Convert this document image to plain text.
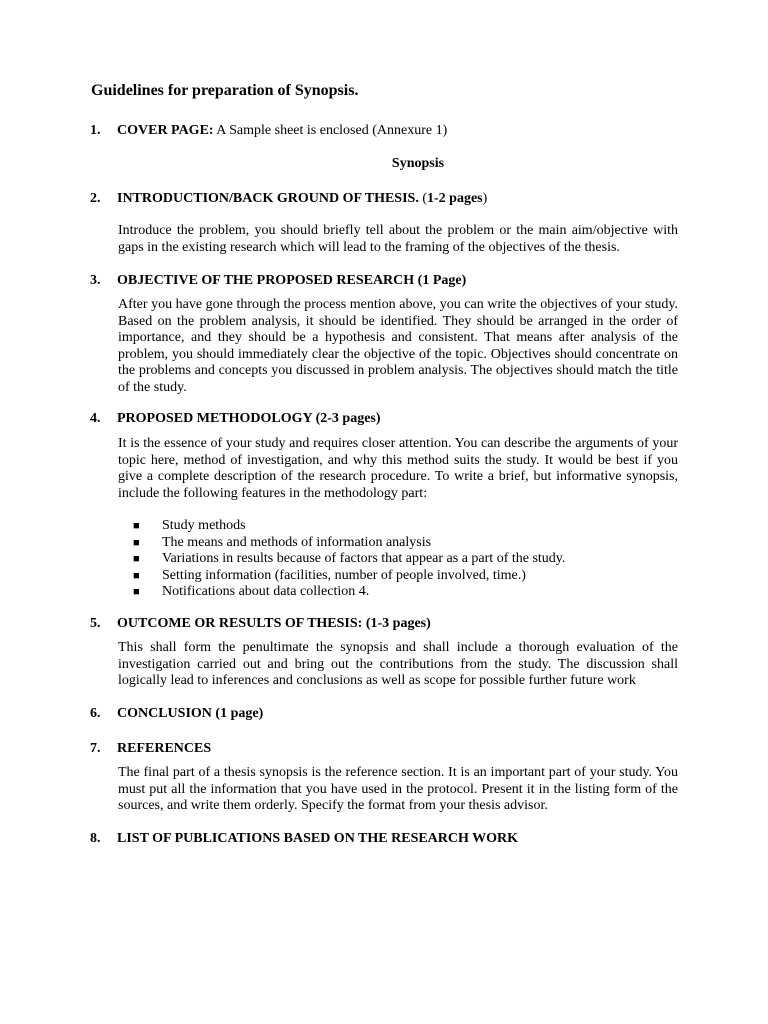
Guidelines for preparation of Synopsis.
1. COVER PAGE: A Sample sheet is enclosed (Annexure 1)
Synopsis
2. INTRODUCTION/BACK GROUND OF THESIS. (1-2 pages)

Introduce the problem, you should briefly tell about the problem or the main aim/objective with gaps in the existing research which will lead to the framing of the objectives of the thesis.

3. OBJECTIVE OF THE PROPOSED RESEARCH (1 Page)

After you have gone through the process mention above, you can write the objectives of your study. Based on the problem analysis, it should be identified. They should be arranged in the order of importance, and they should be a hypothesis and consistent. That means after analysis of the problem, you should immediately clear the objective of the topic. Objectives should concentrate on the problems and concepts you discussed in problem analysis. The objectives should match the title of the study.

4. PROPOSED METHODOLOGY (2-3 pages)

It is the essence of your study and requires closer attention. You can describe the arguments of your topic here, method of investigation, and why this method suits the study. It would be best if you give a complete description of the research procedure. To write a brief, but informative synopsis, include the following features in the methodology part:

■ Study methods
■ The means and methods of information analysis
■ Variations in results because of factors that appear as a part of the study.
■ Setting information (facilities, number of people involved, time.)
■ Notifications about data collection 4.
5. OUTCOME OR RESULTS OF THESIS: (1-3 pages)

This shall form the penultimate the synopsis and shall include a thorough evaluation of the investigation carried out and bring out the contributions from the study. The discussion shall logically lead to inferences and conclusions as well as scope for possible further future work

6. CONCLUSION (1 page)
7. REFERENCES

The final part of a thesis synopsis is the reference section. It is an important part of your study. You must put all the information that you have used in the protocol. Present it in the listing form of the sources, and write them orderly. Specify the format from your thesis advisor.

8. LIST OF PUBLICATIONS BASED ON THE RESEARCH WORK
